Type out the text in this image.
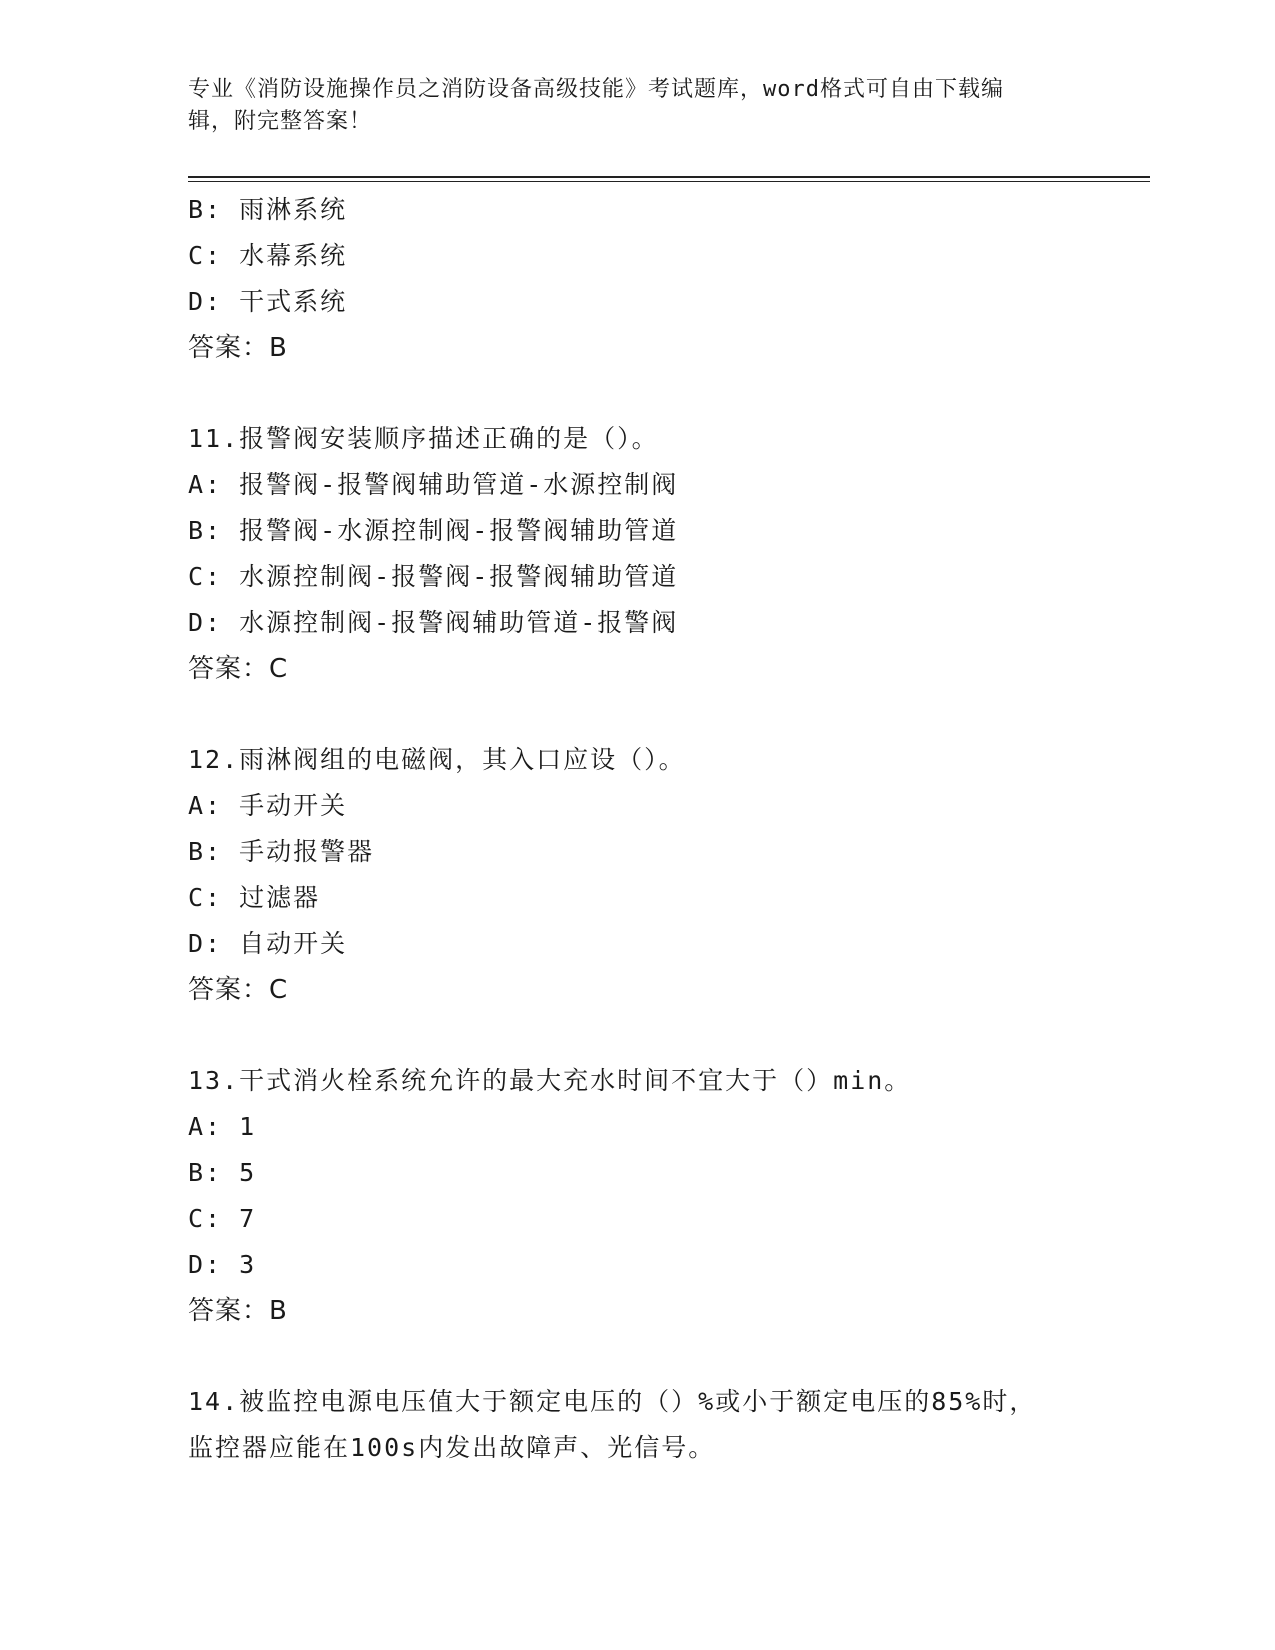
专业《消防设施操作员之消防设备高级技能》考试题库，word格式可自由下载编
辑，附完整答案！
B: 雨淋系统
C: 水幕系统
D: 干式系统
答案：B
11.报警阀安装顺序描述正确的是（）。
A: 报警阀-报警阀辅助管道-水源控制阀
B: 报警阀-水源控制阀-报警阀辅助管道
C: 水源控制阀-报警阀-报警阀辅助管道
D: 水源控制阀-报警阀辅助管道-报警阀
答案：C
12.雨淋阀组的电磁阀，其入口应设（）。
A: 手动开关
B: 手动报警器
C: 过滤器
D: 自动开关
答案：C
13.干式消火栓系统允许的最大充水时间不宜大于（）min。
A: 1
B: 5
C: 7
D: 3
答案：B
14.被监控电源电压值大于额定电压的（）%或小于额定电压的85%时，
监控器应能在100s内发出故障声、光信号。
